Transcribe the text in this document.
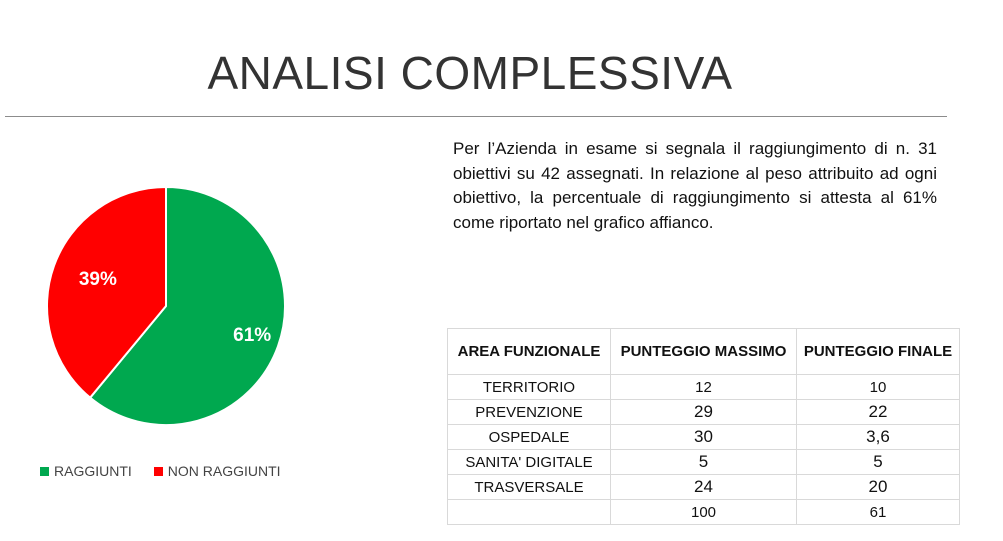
ANALISI COMPLESSIVA
61%
39%
RAGGIUNTI	NON RAGGIUNTI

Per l’Azienda in esame si segnala il raggiungimento di n. 31 obiettivi su 42 assegnati. In relazione al peso attribuito ad ogni obiettivo, la percentuale di raggiungimento si attesta al 61% come riportato nel grafico affianco.

AREA FUNZIONALE	PUNTEGGIO MASSIMO	PUNTEGGIO FINALE
TERRITORIO	12	10
PREVENZIONE	29	22
OSPEDALE	30	3,6
SANITA' DIGITALE	5	5
TRASVERSALE	24	20
	100	61
